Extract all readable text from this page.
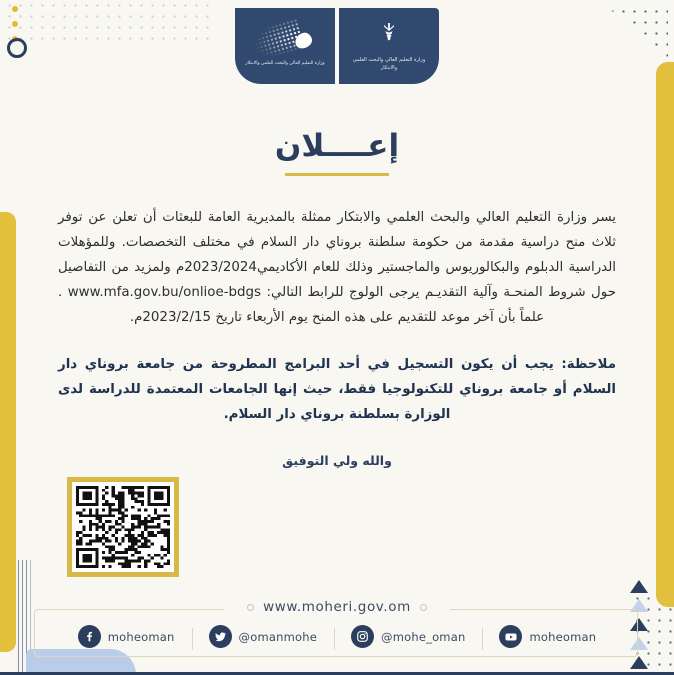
وزارة التعليم العالي والبحث العلمي والابتكار
وزارة التعليم العالي والبحث العلمي والابتكار
إعــــلان

يسر وزارة التعليم العالي والبحث العلمي والابتكار ممثلة بالمديرية العامة للبعثات أن تعلن عن توفر ثلاث منح دراسية مقدمة من حكومة سلطنة بروناي دار السلام في مختلف التخصصات. وللمؤهلات الدراسية الدبلوم والبكالوريوس والماجستير وذلك للعام الأكاديمي2023/2024م ولمزيد من التفاصيل حول شروط المنحـة وآلية التقديـم يرجى الولوج للرابط التالي: www.mfa.gov.bu/onlioe-bdgs . علماً بأن آخر موعد للتقديم على هذه المنح يوم الأربعاء تاريخ 2023/2/15م.

ملاحظة: يجب أن يكون التسجيل في أحد البرامج المطروحة من جامعة بروناي دار السلام أو جامعة بروناي للتكنولوجيا فقط، حيث إنها الجامعات المعتمدة للدراسة لدى الوزارة بسلطنة بروناي دار السلام.

والله ولي التوفيق

www.moheri.gov.om
moheoman	@omanmohe	@mohe_oman	moheoman
